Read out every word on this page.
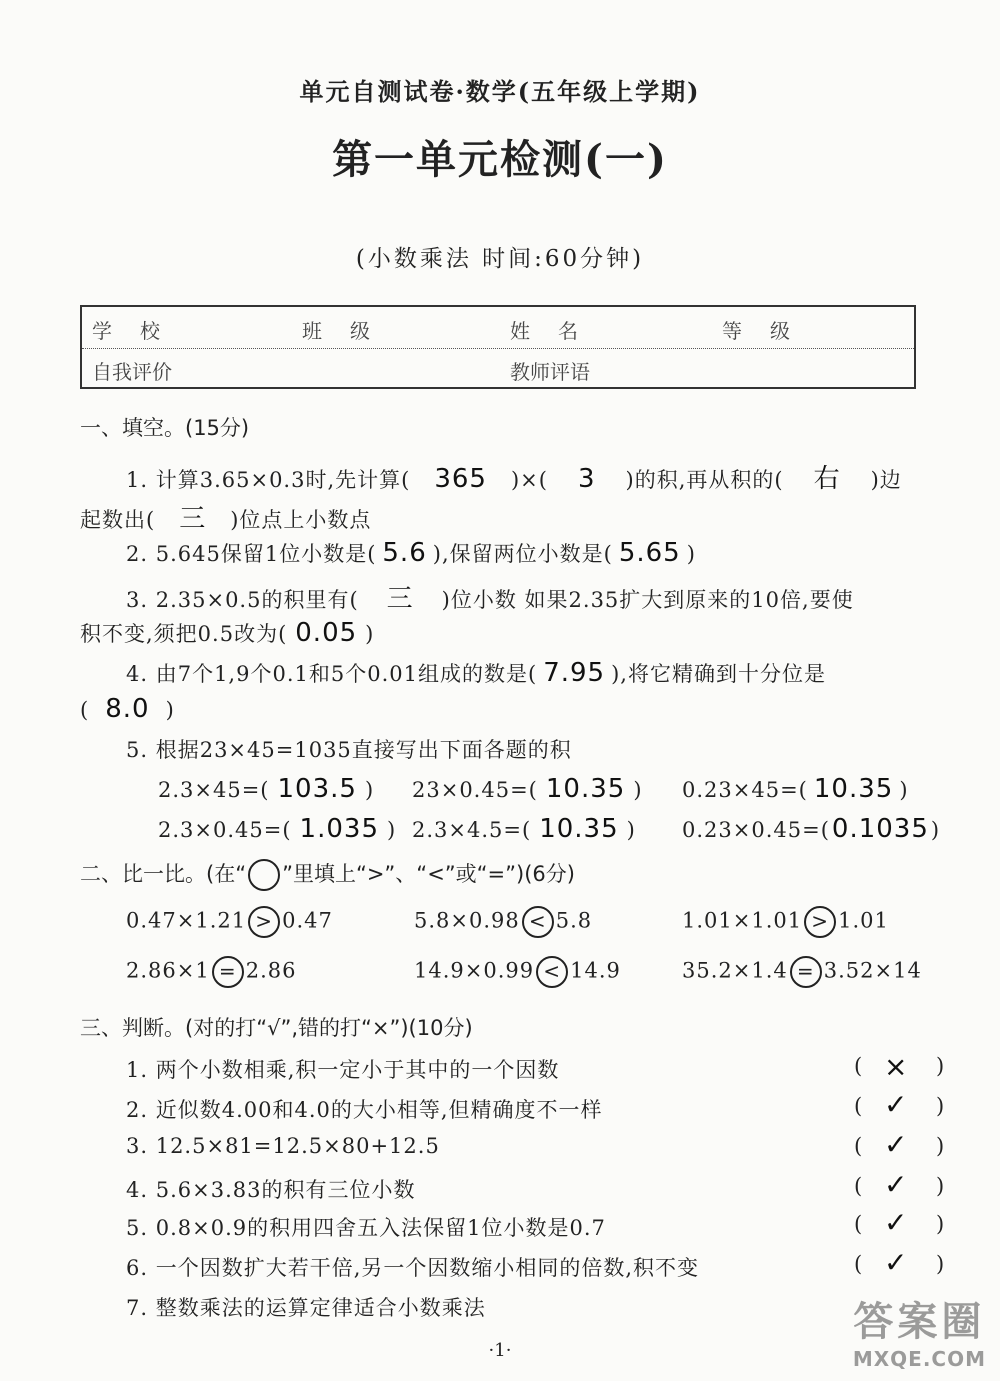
单元自测试卷·数学(五年级上学期)
第一单元检测(一)
(小数乘法 时间:60分钟)
学　校	班　级	姓　名	等　级
自我评价	教师评语
一、填空。(15分)
1. 计算3.65×0.3时,先计算( 365 )×( 3 )的积,再从积的( 右 )边
起数出( 三 )位点上小数点
2. 5.645保留1位小数是( 5.6 ),保留两位小数是( 5.65 )
3. 2.35×0.5的积里有( 三 )位小数 如果2.35扩大到原来的10倍,要使
积不变,须把0.5改为( 0.05 )
4. 由7个1,9个0.1和5个0.01组成的数是( 7.95 ),将它精确到十分位是
( 8.0 )
5. 根据23×45=1035直接写出下面各题的积
2.3×45=( 103.5 ) 23×0.45=( 10.35 ) 0.23×45=( 10.35 )
2.3×0.45=( 1.035 ) 2.3×4.5=( 10.35 ) 0.23×0.45=(0.1035)
二、比一比。(在“ ”里填上“>”、“<”或“=”)(6分)
0.47×1.21 > 0.47	5.8×0.98 < 5.8	1.01×1.01 > 1.01
2.86×1 = 2.86	14.9×0.99 < 14.9	35.2×1.4 = 3.52×14
三、判断。(对的打“√”,错的打“×”)(10分)
1. 两个小数相乘,积一定小于其中的一个因数	( × )
2. 近似数4.00和4.0的大小相等,但精确度不一样	( ✓ )
3. 12.5×81=12.5×80+12.5	( ✓ )
4. 5.6×3.83的积有三位小数	( ✓ )
5. 0.8×0.9的积用四舍五入法保留1位小数是0.7	( ✓ )
6. 一个因数扩大若干倍,另一个因数缩小相同的倍数,积不变	( ✓ )
7. 整数乘法的运算定律适合小数乘法
·1·
答案圈
MXQE.COM
